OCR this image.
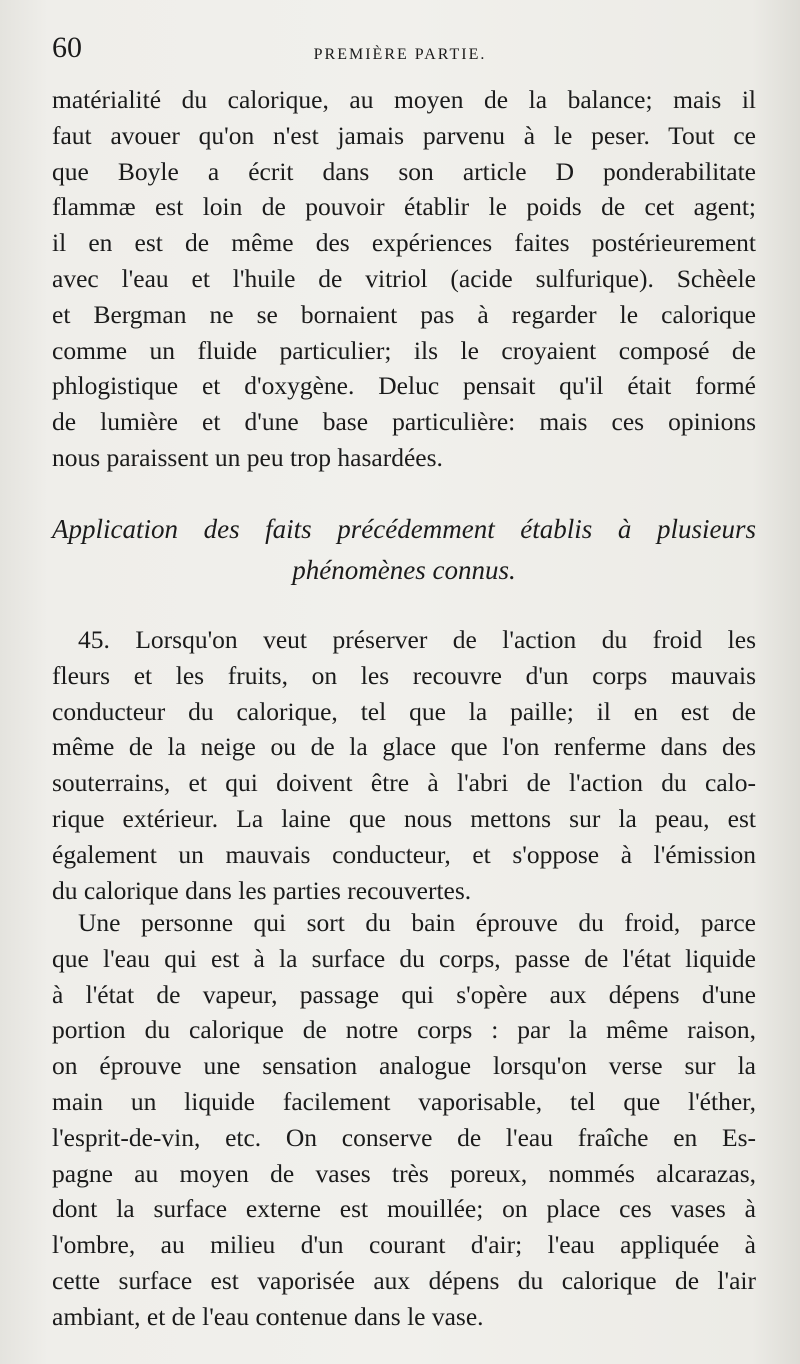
60	PREMIÈRE PARTIE.
matérialité du calorique, au moyen de la balance; mais il
faut avouer qu'on n'est jamais parvenu à le peser. Tout ce
que Boyle a écrit dans son article D ponderabilitate
flammæ est loin de pouvoir établir le poids de cet agent;
il en est de même des expériences faites postérieurement
avec l'eau et l'huile de vitriol (acide sulfurique). Schèele
et Bergman ne se bornaient pas à regarder le calorique
comme un fluide particulier; ils le croyaient composé de
phlogistique et d'oxygène. Deluc pensait qu'il était formé
de lumière et d'une base particulière: mais ces opinions
nous paraissent un peu trop hasardées.
Application des faits précédemment établis à plusieurs
phénomènes connus.
45. Lorsqu'on veut préserver de l'action du froid les
fleurs et les fruits, on les recouvre d'un corps mauvais
conducteur du calorique, tel que la paille; il en est de
même de la neige ou de la glace que l'on renferme dans des
souterrains, et qui doivent être à l'abri de l'action du calo-
rique extérieur. La laine que nous mettons sur la peau, est
également un mauvais conducteur, et s'oppose à l'émission
du calorique dans les parties recouvertes.
Une personne qui sort du bain éprouve du froid, parce
que l'eau qui est à la surface du corps, passe de l'état liquide
à l'état de vapeur, passage qui s'opère aux dépens d'une
portion du calorique de notre corps : par la même raison,
on éprouve une sensation analogue lorsqu'on verse sur la
main un liquide facilement vaporisable, tel que l'éther,
l'esprit-de-vin, etc. On conserve de l'eau fraîche en Es-
pagne au moyen de vases très poreux, nommés alcarazas,
dont la surface externe est mouillée; on place ces vases à
l'ombre, au milieu d'un courant d'air; l'eau appliquée à
cette surface est vaporisée aux dépens du calorique de l'air
ambiant, et de l'eau contenue dans le vase.
